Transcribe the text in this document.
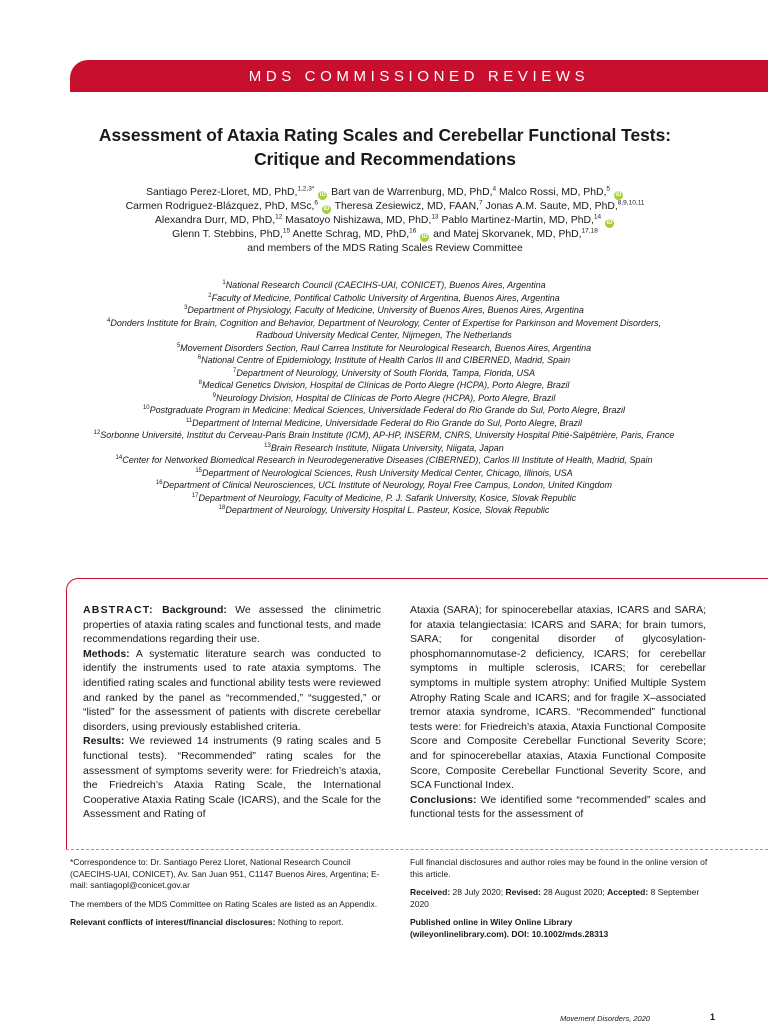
MDS COMMISSIONED REVIEWS
Assessment of Ataxia Rating Scales and Cerebellar Functional Tests:
Critique and Recommendations
Santiago Perez-Lloret, MD, PhD,$^{1,2,3*}$ iD Bart van de Warrenburg, MD, PhD,$^4$ Malco Rossi, MD, PhD,$^5$ iD
Carmen Rodriguez-Blázquez, PhD, MSc,$^6$ iD Theresa Zesiewicz, MD, FAAN,$^7$ Jonas A.M. Saute, MD, PhD,$^{8,9,10,11}$
Alexandra Durr, MD, PhD,$^{12}$ Masatoyo Nishizawa, MD, PhD,$^{13}$ Pablo Martinez-Martin, MD, PhD,$^{14}$ iD
Glenn T. Stebbins, PhD,$^{15}$ Anette Schrag, MD, PhD,$^{16}$ iD and Matej Skorvanek, MD, PhD,$^{17,18}$
and members of the MDS Rating Scales Review Committee
$^1$National Research Council (CAECIHS-UAI, CONICET), Buenos Aires, Argentina
$^2$Faculty of Medicine, Pontifical Catholic University of Argentina, Buenos Aires, Argentina
$^3$Department of Physiology, Faculty of Medicine, University of Buenos Aires, Buenos Aires, Argentina
$^4$Donders Institute for Brain, Cognition and Behavior, Department of Neurology, Center of Expertise for Parkinson and Movement Disorders,
Radboud University Medical Center, Nijmegen, The Netherlands
$^5$Movement Disorders Section, Raul Carrea Institute for Neurological Research, Buenos Aires, Argentina
$^6$National Centre of Epidemiology, Institute of Health Carlos III and CIBERNED, Madrid, Spain
$^7$Department of Neurology, University of South Florida, Tampa, Florida, USA
$^8$Medical Genetics Division, Hospital de Clínicas de Porto Alegre (HCPA), Porto Alegre, Brazil
$^9$Neurology Division, Hospital de Clínicas de Porto Alegre (HCPA), Porto Alegre, Brazil
$^{10}$Postgraduate Program in Medicine: Medical Sciences, Universidade Federal do Rio Grande do Sul, Porto Alegre, Brazil
$^{11}$Department of Internal Medicine, Universidade Federal do Rio Grande do Sul, Porto Alegre, Brazil
$^{12}$Sorbonne Université, Institut du Cerveau-Paris Brain Institute (ICM), AP-HP, INSERM, CNRS, University Hospital Pitié-Salpêtrière, Paris, France
$^{13}$Brain Research Institute, Niigata University, Niigata, Japan
$^{14}$Center for Networked Biomedical Research in Neurodegenerative Diseases (CIBERNED), Carlos III Institute of Health, Madrid, Spain
$^{15}$Department of Neurological Sciences, Rush University Medical Center, Chicago, Illinois, USA
$^{16}$Department of Clinical Neurosciences, UCL Institute of Neurology, Royal Free Campus, London, United Kingdom
$^{17}$Department of Neurology, Faculty of Medicine, P. J. Safarik University, Kosice, Slovak Republic
$^{18}$Department of Neurology, University Hospital L. Pasteur, Kosice, Slovak Republic
ABSTRACT: Background: We assessed the clinimetric properties of ataxia rating scales and functional tests, and made recommendations regarding their use.
Methods: A systematic literature search was conducted to identify the instruments used to rate ataxia symptoms. The identified rating scales and functional ability tests were reviewed and ranked by the panel as “recommended,” “suggested,” or “listed” for the assessment of patients with discrete cerebellar disorders, using previously established criteria.
Results: We reviewed 14 instruments (9 rating scales and 5 functional tests). “Recommended” rating scales for the assessment of symptoms severity were: for Friedreich’s ataxia, the Friedreich’s Ataxia Rating Scale, the International Cooperative Ataxia Rating Scale (ICARS), and the Scale for the Assessment and Rating of
Ataxia (SARA); for spinocerebellar ataxias, ICARS and SARA; for ataxia telangiectasia: ICARS and SARA; for brain tumors, SARA; for congenital disorder of glycosylation-phosphomannomutase-2 deficiency, ICARS; for cerebellar symptoms in multiple sclerosis, ICARS; for cerebellar symptoms in multiple system atrophy: Unified Multiple System Atrophy Rating Scale and ICARS; and for fragile X–associated tremor ataxia syndrome, ICARS. “Recommended” functional tests were: for Friedreich’s ataxia, Ataxia Functional Composite Score and Composite Cerebellar Functional Severity Score; and for spinocerebellar ataxias, Ataxia Functional Composite Score, Composite Cerebellar Functional Severity Score, and SCA Functional Index.
Conclusions: We identified some “recommended” scales and functional tests for the assessment of

*Correspondence to: Dr. Santiago Perez Lloret, National Research Council (CAECIHS-UAI, CONICET), Av. San Juan 951, C1147 Buenos Aires, Argentina; E-mail: santiagopl@conicet.gov.ar

The members of the MDS Committee on Rating Scales are listed as an Appendix.

Relevant conflicts of interest/financial disclosures: Nothing to report.

Full financial disclosures and author roles may be found in the online version of this article.

Received: 28 July 2020; Revised: 28 August 2020; Accepted: 8 September 2020

Published online in Wiley Online Library
(wileyonlinelibrary.com). DOI: 10.1002/mds.28313

Movement Disorders, 2020	1
